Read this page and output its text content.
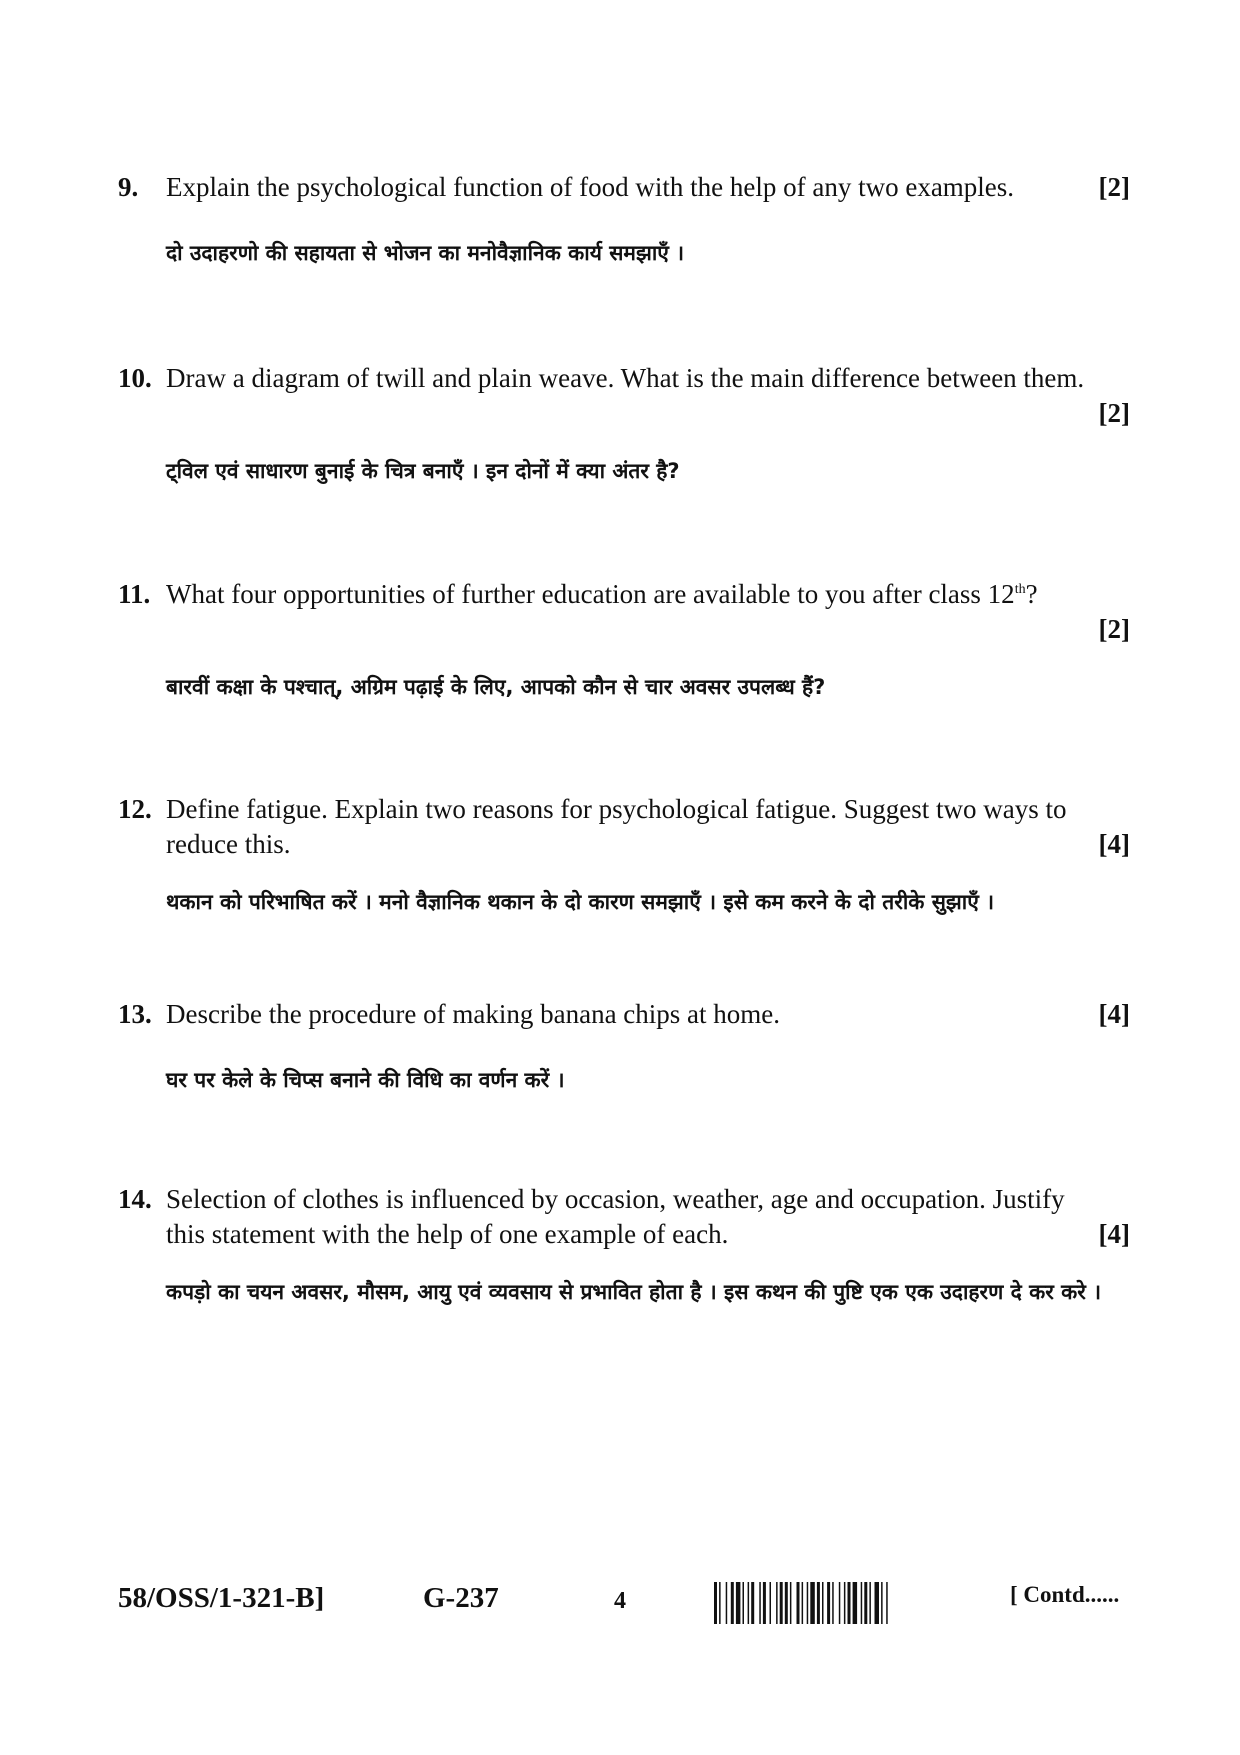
9.	[2]
Explain the psychological function of food with the help of any two examples.
दो उदाहरणो की सहायता से भोजन का मनोवैज्ञानिक कार्य समझाएँ ।
10. Draw a diagram of twill and plain weave. What is the main difference between them.
[2]
ट्विल एवं साधारण बुनाई के चित्र बनाएँ । इन दोनों में क्या अंतर है?
11. What four opportunities of further education are available to you after class 12th?
[2]
बारवीं कक्षा के पश्चात्, अग्रिम पढ़ाई के लिए, आपको कौन से चार अवसर उपलब्ध हैं?
12.
[4]
Define fatigue. Explain two reasons for psychological fatigue. Suggest two ways to reduce this.
थकान को परिभाषित करें । मनो वैज्ञानिक थकान के दो कारण समझाएँ । इसे कम करने के दो तरीके सुझाएँ ।
13.	[4]
Describe the procedure of making banana chips at home.
घर पर केले के चिप्स बनाने की विधि का वर्णन करें ।
14.
[4]
Selection of clothes is influenced by occasion, weather, age and occupation. Justify this statement with the help of one example of each.
कपड़ो का चयन अवसर, मौसम, आयु एवं व्यवसाय से प्रभावित होता है । इस कथन की पुष्टि एक एक उदाहरण दे कर करे ।
58/OSS/1-321-B]	G-237	4	[ Contd......
